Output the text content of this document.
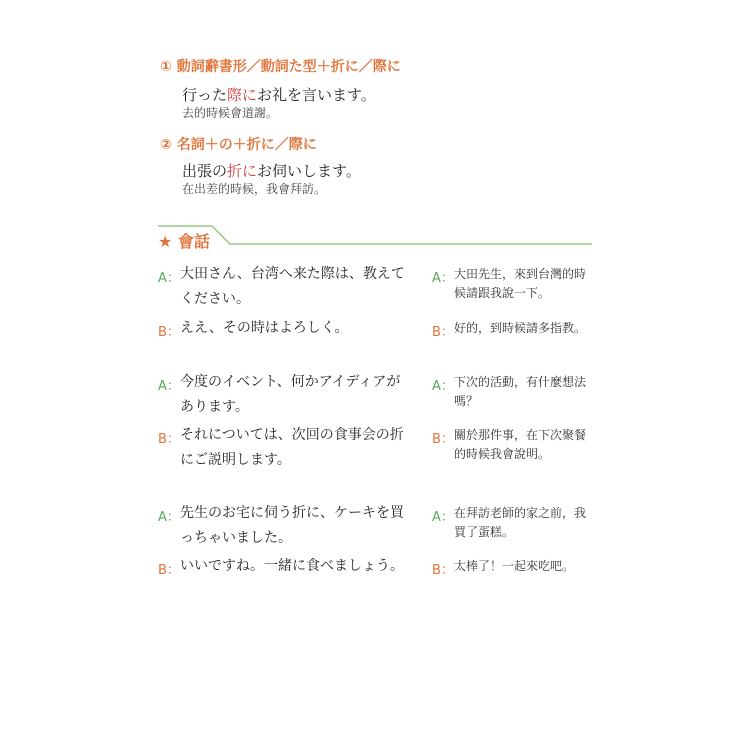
① 動詞辭書形／動詞た型＋折に／際に
行った際にお礼を言います。
去的時候會道謝。
② 名詞＋の＋折に／際に
出張の折にお伺いします。
在出差的時候，我會拜訪。
★ 會話
A： 大田さん、台湾へ来た際は、教えてください。
A： 大田先生，來到台灣的時候請跟我說一下。
B： ええ、その時はよろしく。	B： 好的，到時候請多指教。
A： 今度のイベント、何かアイディアがあります。
A： 下次的活動，有什麼想法嗎？
B： それについては、次回の食事会の折にご説明します。
B： 關於那件事，在下次聚餐的時候我會說明。
A： 先生のお宅に伺う折に、ケーキを買っちゃいました。
A： 在拜訪老師的家之前，我買了蛋糕。
B： いいですね。一緒に食べましょう。	B： 太棒了！一起來吃吧。
